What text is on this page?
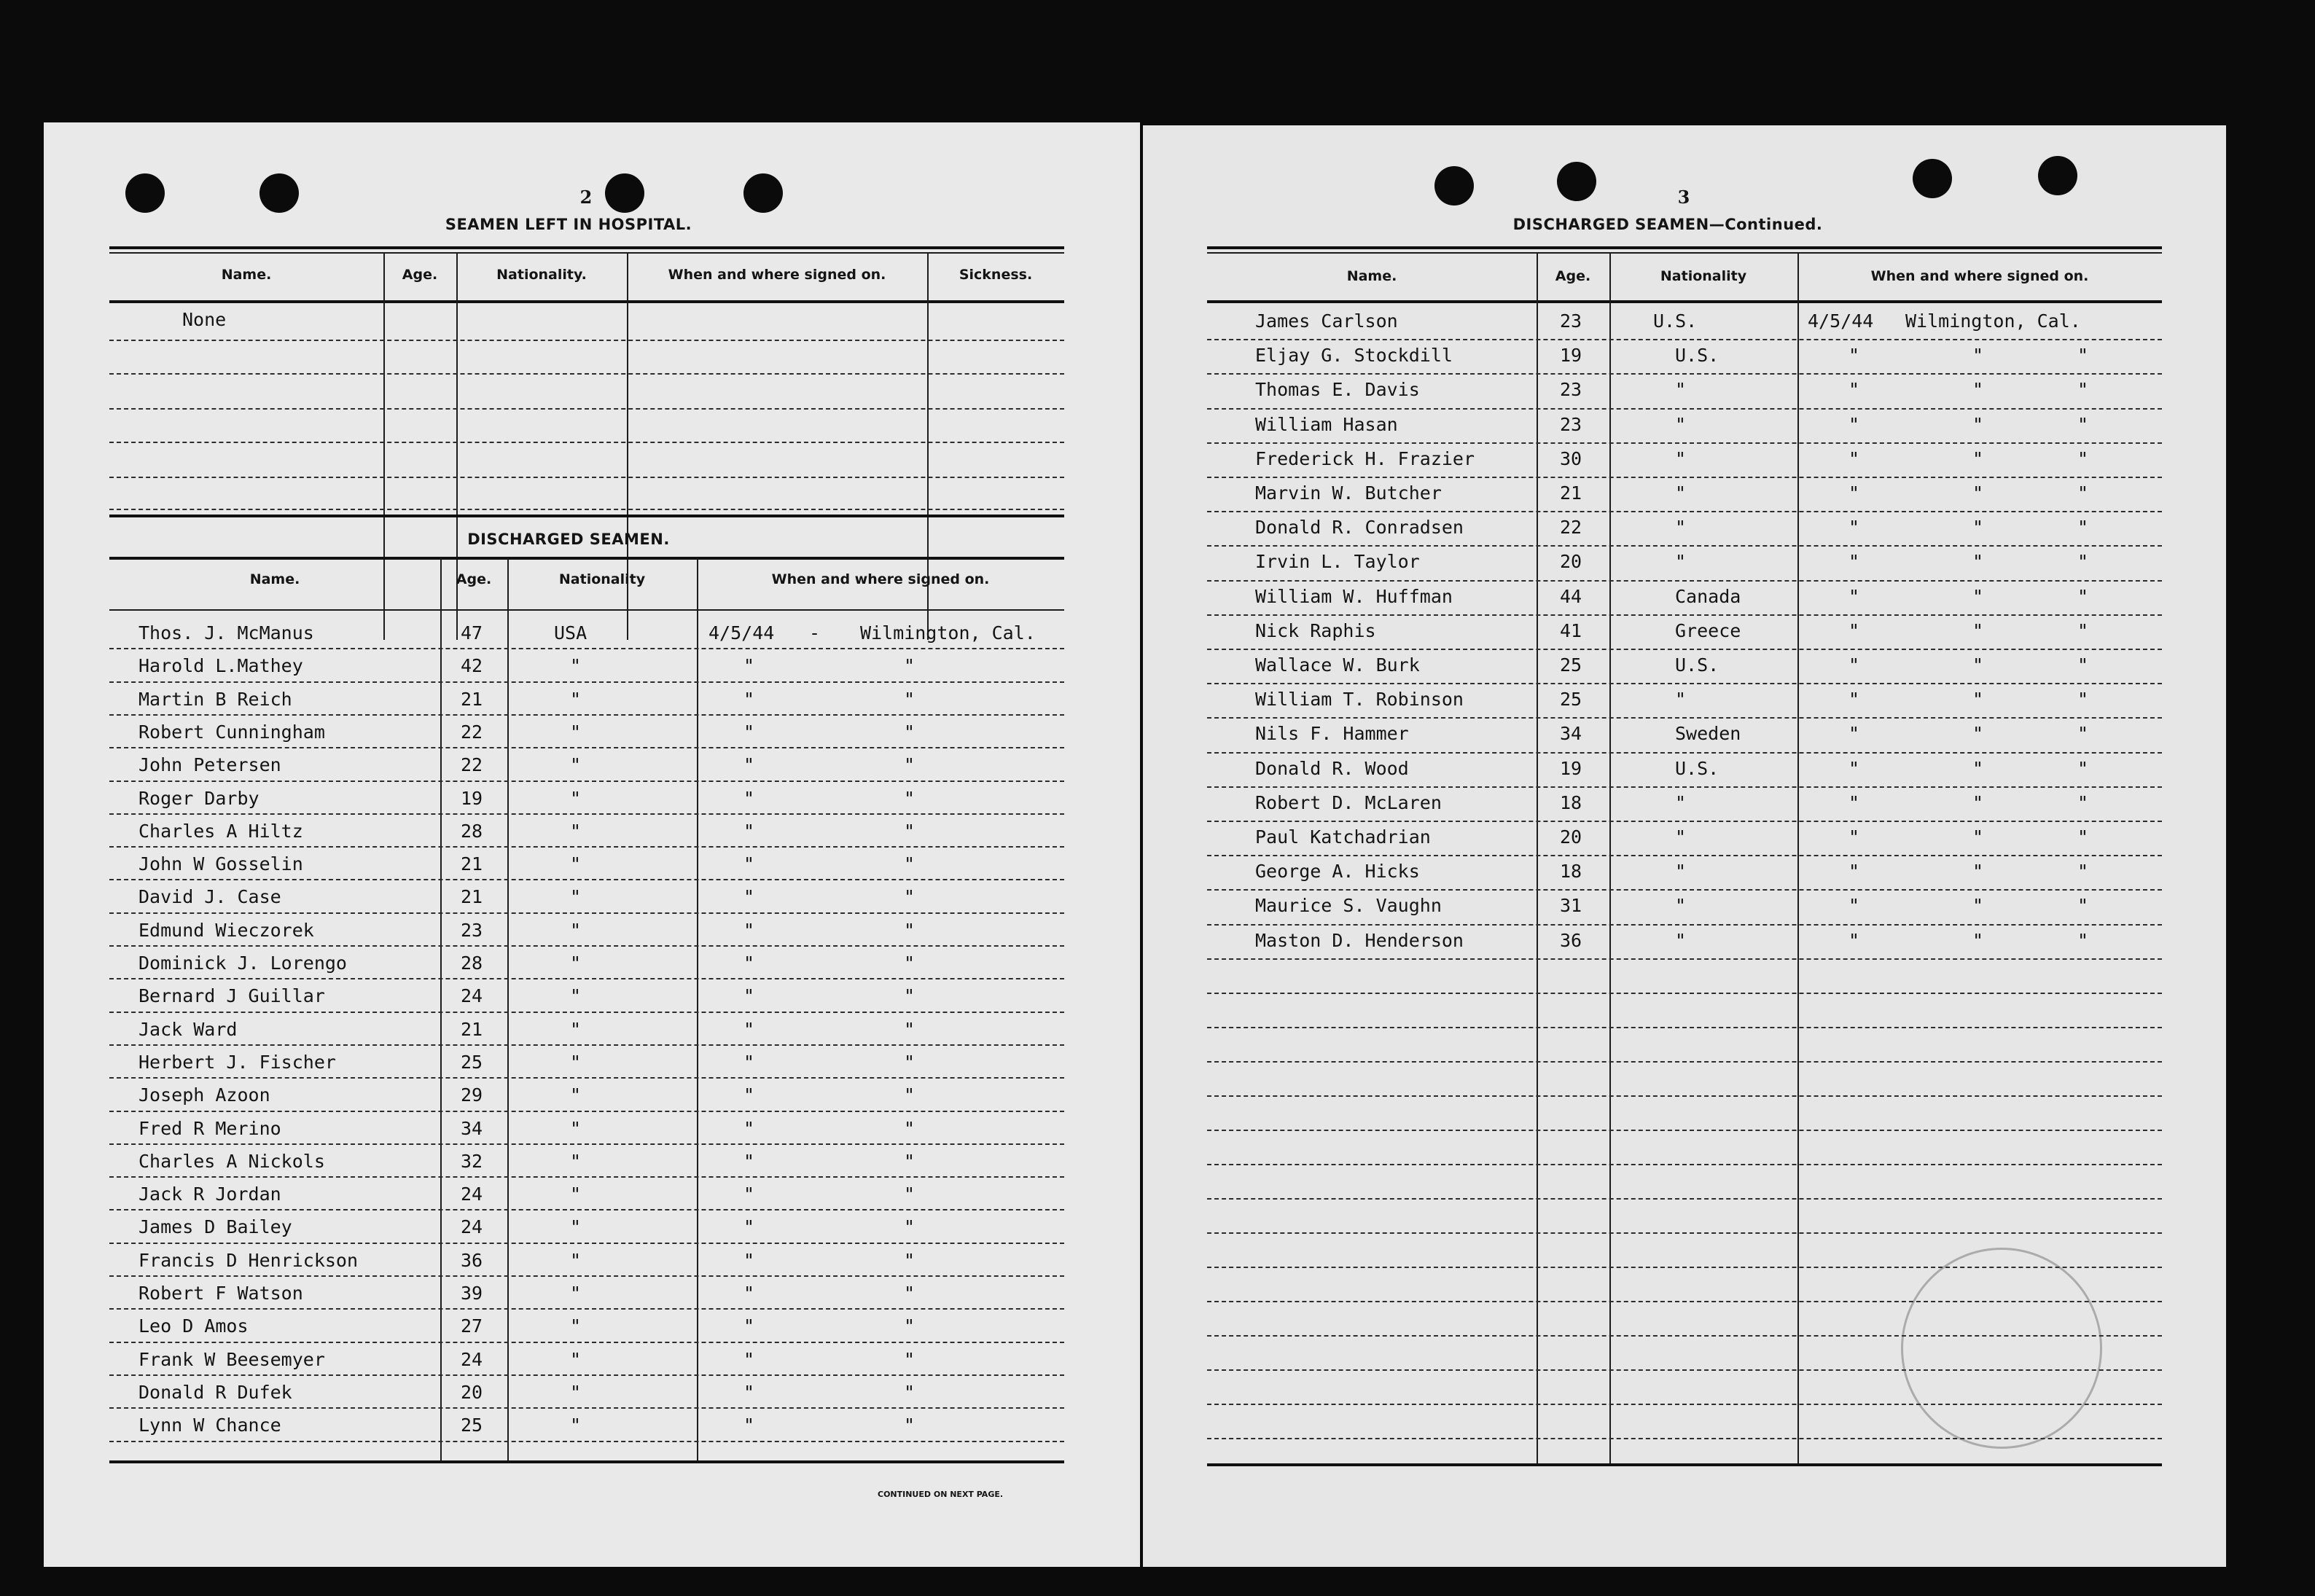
2
SEAMEN LEFT IN HOSPITAL.
Name.	Age.	Nationality.	When and where signed on.	Sickness.
None
DISCHARGED SEAMEN.
Name.	Age.	Nationality	When and where signed on.
Thos. J. McManus	47	USA	4/5/44 - Wilmington, Cal.
Harold L.Mathey	42	"	"	"
Martin B Reich	21	"	"	"
Robert Cunningham	22	"	"	"
John Petersen	22	"	"	"
Roger Darby	19	"	"	"
Charles A Hiltz	28	"	"	"
John W Gosselin	21	"	"	"
David J. Case	21	"	"	"
Edmund Wieczorek	23	"	"	"
Dominick J. Lorengo	28	"	"	"
Bernard J Guillar	24	"	"	"
Jack Ward	21	"	"	"
Herbert J. Fischer	25	"	"	"
Joseph Azoon	29	"	"	"
Fred R Merino	34	"	"	"
Charles A Nickols	32	"	"	"
Jack R Jordan	24	"	"	"
James D Bailey	24	"	"	"
Francis D Henrickson	36	"	"	"
Robert F Watson	39	"	"	"
Leo D Amos	27	"	"	"
Frank W Beesemyer	24	"	"	"
Donald R Dufek	20	"	"	"
Lynn W Chance	25	"	"	"
CONTINUED ON NEXT PAGE.
3
DISCHARGED SEAMEN—Continued.
Name.	Age.	Nationality	When and where signed on.
James Carlson	23	U.S.	4/5/44 Wilmington, Cal.
Eljay G. Stockdill	19	U.S.	"	"	"
Thomas E. Davis	23	"	"	"	"
William Hasan	23	"	"	"	"
Frederick H. Frazier	30	"	"	"	"
Marvin W. Butcher	21	"	"	"	"
Donald R. Conradsen	22	"	"	"	"
Irvin L. Taylor	20	"	"	"	"
William W. Huffman	44	Canada	"	"	"
Nick Raphis	41	Greece	"	"	"
Wallace W. Burk	25	U.S.	"	"	"
William T. Robinson	25	"	"	"	"
Nils F. Hammer	34	Sweden	"	"	"
Donald R. Wood	19	U.S.	"	"	"
Robert D. McLaren	18	"	"	"	"
Paul Katchadrian	20	"	"	"	"
George A. Hicks	18	"	"	"	"
Maurice S. Vaughn	31	"	"	"	"
Maston D. Henderson	36	"	"	"	"
